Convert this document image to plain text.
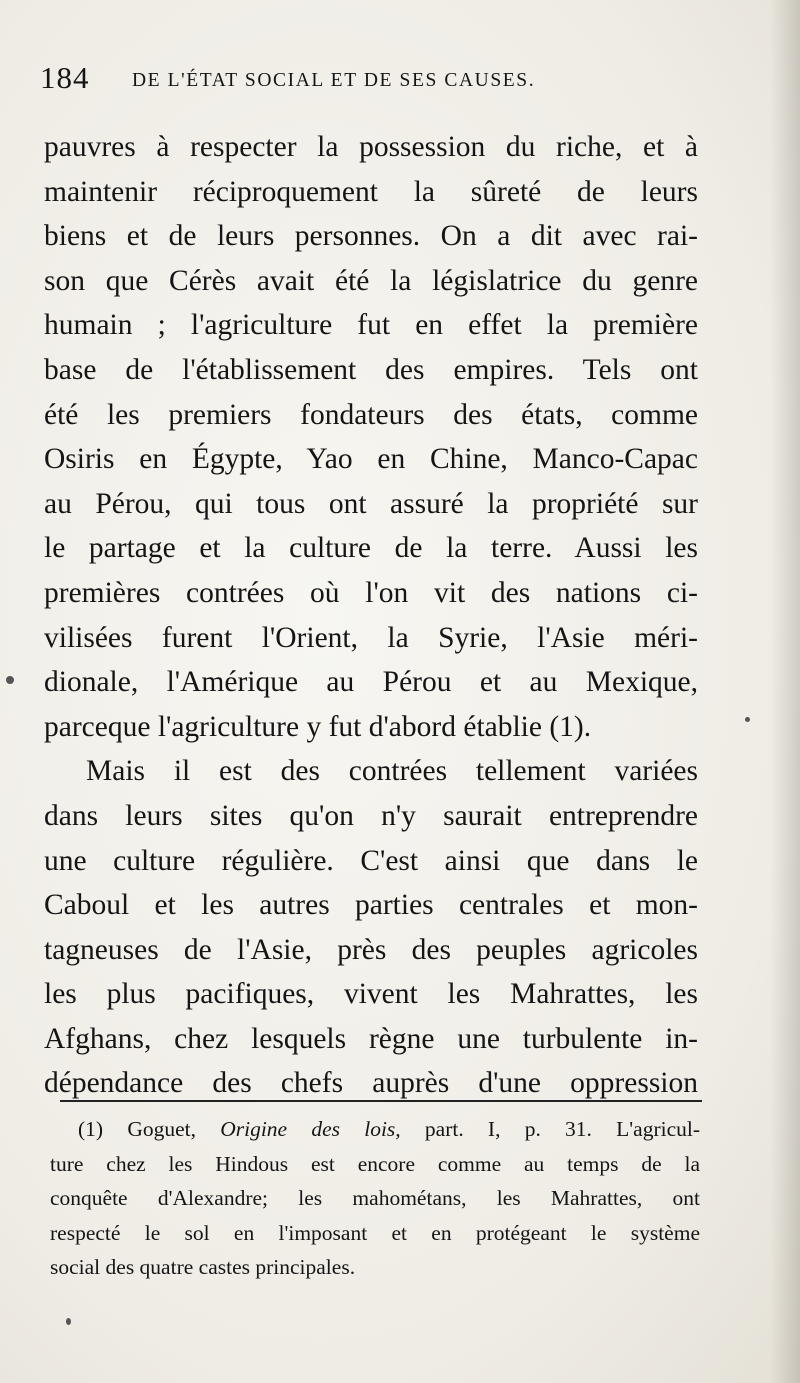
184 DE L'ÉTAT SOCIAL ET DE SES CAUSES.
pauvres à respecter la possession du riche, et à
maintenir réciproquement la sûreté de leurs
biens et de leurs personnes. On a dit avec rai-
son que Cérès avait été la législatrice du genre
humain ; l'agriculture fut en effet la première
base de l'établissement des empires. Tels ont
été les premiers fondateurs des états, comme
Osiris en Égypte, Yao en Chine, Manco-Capac
au Pérou, qui tous ont assuré la propriété sur
le partage et la culture de la terre. Aussi les
premières contrées où l'on vit des nations ci-
vilisées furent l'Orient, la Syrie, l'Asie méri-
dionale, l'Amérique au Pérou et au Mexique,
parceque l'agriculture y fut d'abord établie (1).
Mais il est des contrées tellement variées
dans leurs sites qu'on n'y saurait entreprendre
une culture régulière. C'est ainsi que dans le
Caboul et les autres parties centrales et mon-
tagneuses de l'Asie, près des peuples agricoles
les plus pacifiques, vivent les Mahrattes, les
Afghans, chez lesquels règne une turbulente in-
dépendance des chefs auprès d'une oppression
(1) Goguet, Origine des lois, part. I, p. 31. L'agricul-
ture chez les Hindous est encore comme au temps de la
conquête d'Alexandre; les mahométans, les Mahrattes, ont
respecté le sol en l'imposant et en protégeant le système
social des quatre castes principales.
